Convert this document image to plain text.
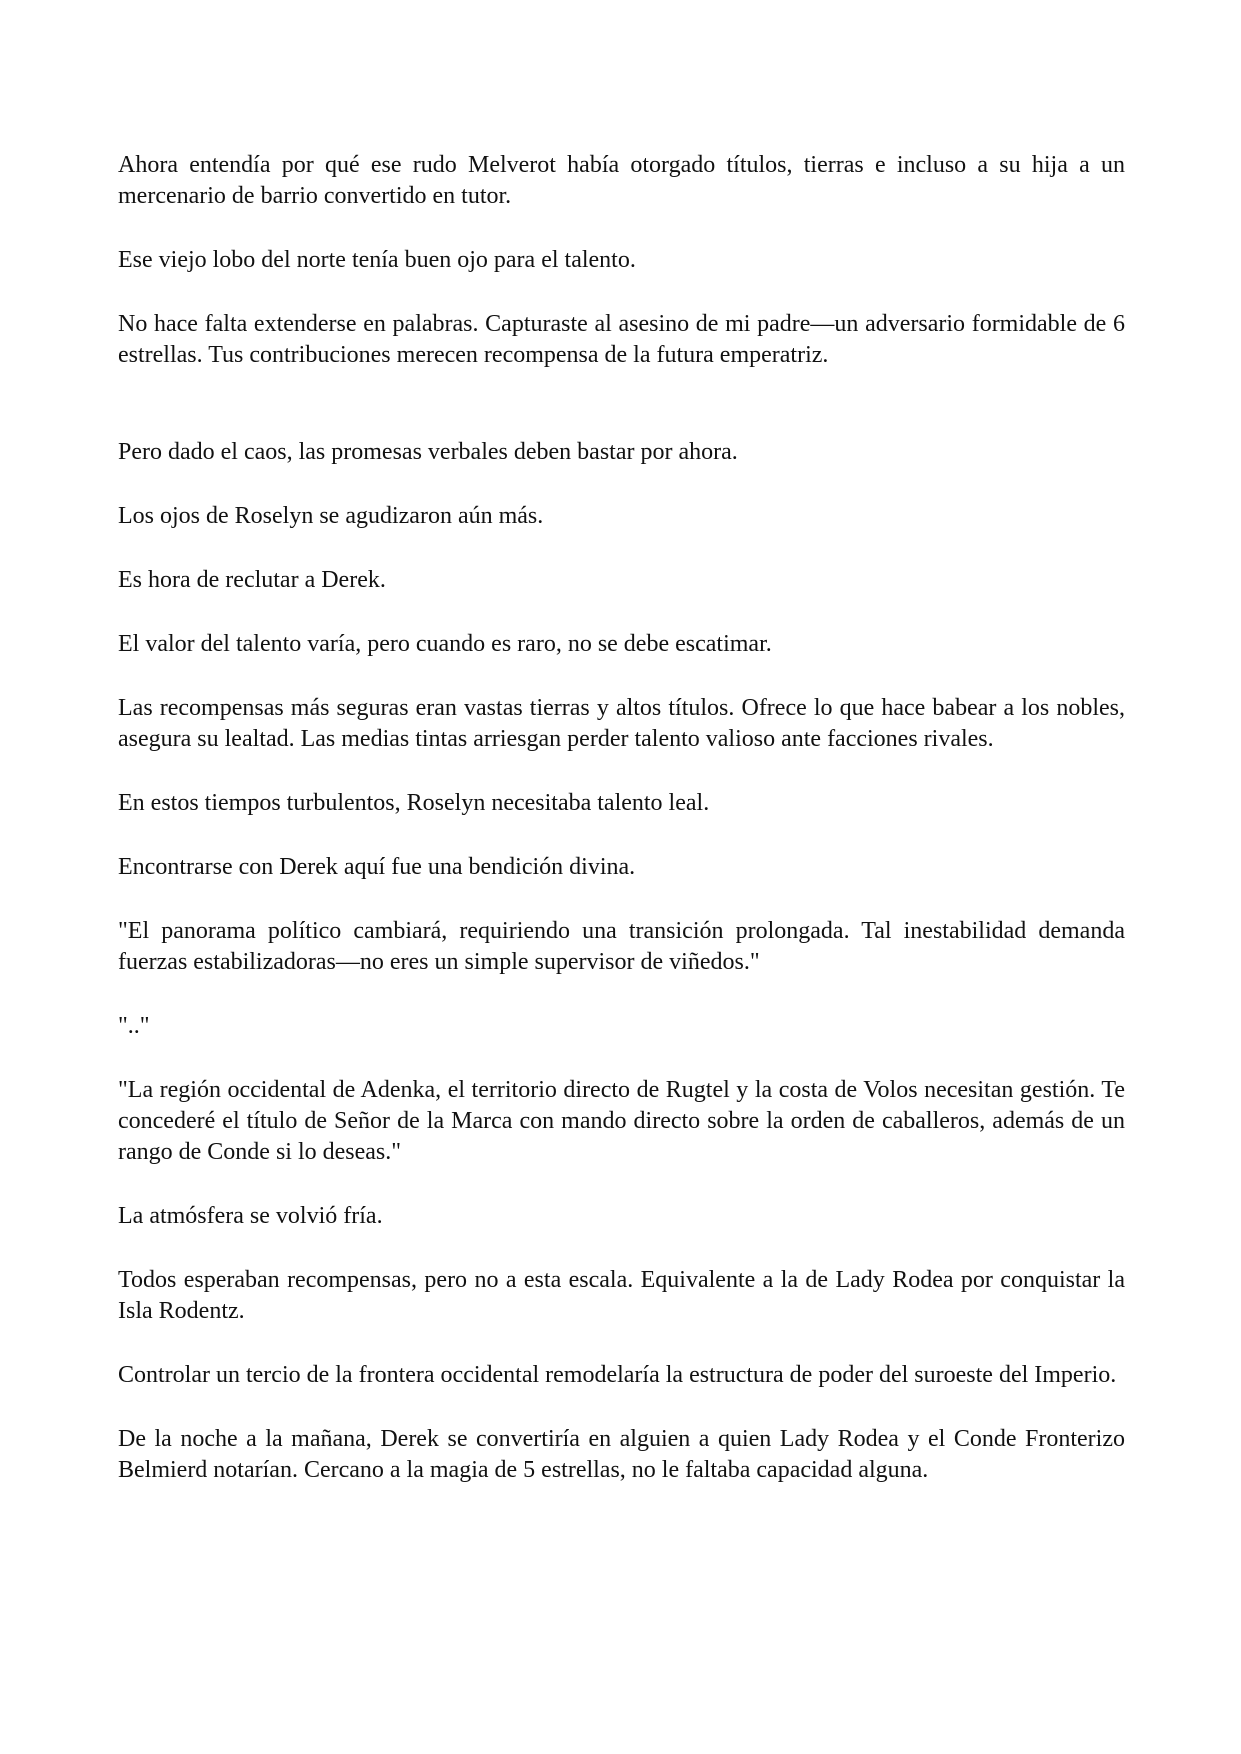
Ahora entendía por qué ese rudo Melverot había otorgado títulos, tierras e incluso a su hija a un mercenario de barrio convertido en tutor.

Ese viejo lobo del norte tenía buen ojo para el talento.

No hace falta extenderse en palabras. Capturaste al asesino de mi padre—un adversario formidable de 6 estrellas. Tus contribuciones merecen recompensa de la futura emperatriz.

Pero dado el caos, las promesas verbales deben bastar por ahora.

Los ojos de Roselyn se agudizaron aún más.

Es hora de reclutar a Derek.

El valor del talento varía, pero cuando es raro, no se debe escatimar.

Las recompensas más seguras eran vastas tierras y altos títulos. Ofrece lo que hace babear a los nobles, asegura su lealtad. Las medias tintas arriesgan perder talento valioso ante facciones rivales.

En estos tiempos turbulentos, Roselyn necesitaba talento leal.

Encontrarse con Derek aquí fue una bendición divina.

"El panorama político cambiará, requiriendo una transición prolongada. Tal inestabilidad demanda fuerzas estabilizadoras—no eres un simple supervisor de viñedos."

".."

"La región occidental de Adenka, el territorio directo de Rugtel y la costa de Volos necesitan gestión. Te concederé el título de Señor de la Marca con mando directo sobre la orden de caballeros, además de un rango de Conde si lo deseas."

La atmósfera se volvió fría.

Todos esperaban recompensas, pero no a esta escala. Equivalente a la de Lady Rodea por conquistar la Isla Rodentz.

Controlar un tercio de la frontera occidental remodelaría la estructura de poder del suroeste del Imperio.

De la noche a la mañana, Derek se convertiría en alguien a quien Lady Rodea y el Conde Fronterizo Belmierd notarían. Cercano a la magia de 5 estrellas, no le faltaba capacidad alguna.
